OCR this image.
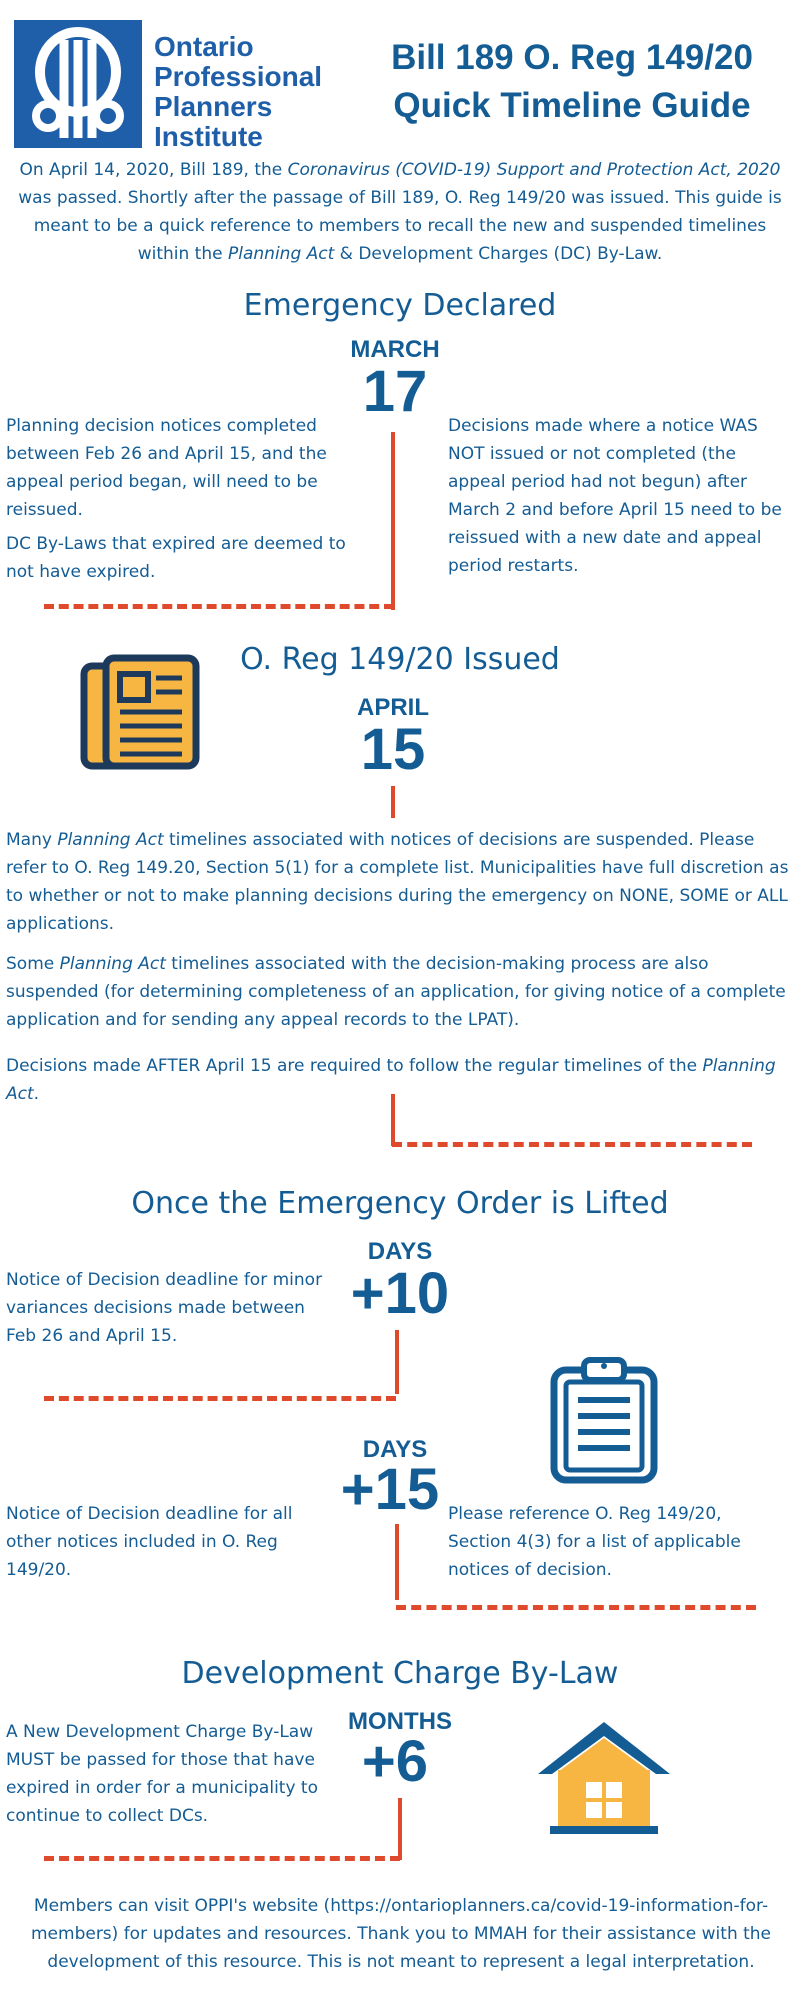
Ontario
Professional
Planners
Institute
Bill 189 O. Reg 149/20
Quick Timeline Guide
On April 14, 2020, Bill 189, the Coronavirus (COVID-19) Support and Protection Act, 2020 was passed. Shortly after the passage of Bill 189, O. Reg 149/20 was issued. This guide is meant to be a quick reference to members to recall the new and suspended timelines within the Planning Act & Development Charges (DC) By-Law.
Emergency Declared
MARCH
17
Planning decision notices completed between Feb 26 and April 15, and the appeal period began, will need to be reissued.
DC By-Laws that expired are deemed to not have expired.
Decisions made where a notice WAS NOT issued or not completed (the appeal period had not begun) after March 2 and before April 15 need to be reissued with a new date and appeal period restarts.
O. Reg 149/20 Issued
APRIL
15
Many Planning Act timelines associated with notices of decisions are suspended. Please refer to O. Reg 149.20, Section 5(1) for a complete list. Municipalities have full discretion as to whether or not to make planning decisions during the emergency on NONE, SOME or ALL applications.
Some Planning Act timelines associated with the decision-making process are also suspended (for determining completeness of an application, for giving notice of a complete application and for sending any appeal records to the LPAT).
Decisions made AFTER April 15 are required to follow the regular timelines of the Planning Act.
Once the Emergency Order is Lifted
DAYS
+10
Notice of Decision deadline for minor variances decisions made between Feb 26 and April 15.
DAYS
+15
Notice of Decision deadline for all other notices included in O. Reg 149/20.
Please reference O. Reg 149/20, Section 4(3) for a list of applicable notices of decision.
Development Charge By-Law
MONTHS
+6
A New Development Charge By-Law MUST be passed for those that have expired in order for a municipality to continue to collect DCs.
Members can visit OPPI's website (https://ontarioplanners.ca/covid-19-information-for-members) for updates and resources. Thank you to MMAH for their assistance with the development of this resource. This is not meant to represent a legal interpretation.
